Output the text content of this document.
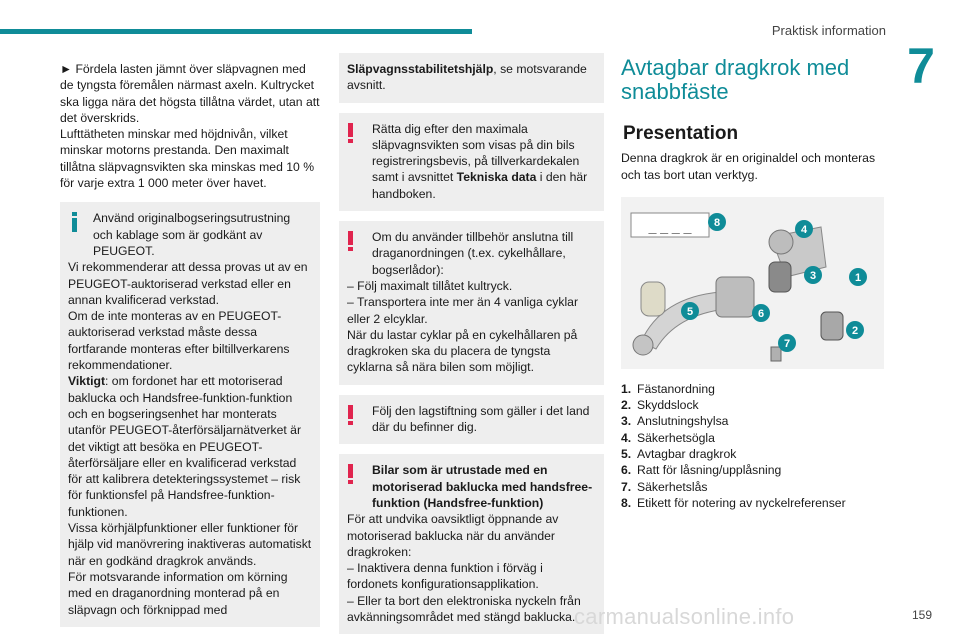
Praktisk information
7

► Fördela lasten jämnt över släpvagnen med de tyngsta föremålen närmast axeln. Kultrycket ska ligga nära det högsta tillåtna värdet, utan att det överskrids.

Lufttätheten minskar med höjdnivån, vilket minskar motorns prestanda. Den maximalt tillåtna släpvagnsvikten ska minskas med 10 % för varje extra 1 000 meter över havet.

Använd originalbogseringsutrustning och kablage som är godkänt av PEUGEOT.
Vi rekommenderar att dessa provas ut av en PEUGEOT-auktoriserad verkstad eller en annan kvalificerad verkstad.
Om de inte monteras av en PEUGEOT-auktoriserad verkstad måste dessa fortfarande monteras efter biltillverkarens rekommendationer.
Viktigt: om fordonet har ett motoriserad baklucka och Handsfree-funktion-funktion och en bogseringsenhet har monterats utanför PEUGEOT-återförsäljarnätverket är det viktigt att besöka en PEUGEOT-återförsäljare eller en kvalificerad verkstad för att kalibrera detekteringssystemet – risk för funktionsfel på Handsfree-funktion-funktionen.
Vissa körhjälpfunktioner eller funktioner för hjälp vid manövrering inaktiveras automatiskt när en godkänd dragkrok används.
För motsvarande information om körning med en draganordning monterad på en släpvagn och förknippad med
Släpvagnsstabilitetshjälp, se motsvarande avsnitt.
Rätta dig efter den maximala släpvagnsvikten som visas på din bils registreringsbevis, på tillverkardekalen samt i avsnittet Tekniska data i den här handboken.
Om du använder tillbehör anslutna till draganordningen (t.ex. cykelhållare, bogserlådor):
– Följ maximalt tillåtet kultryck.
– Transportera inte mer än 4 vanliga cyklar eller 2 elcyklar.
När du lastar cyklar på en cykelhållaren på dragkroken ska du placera de tyngsta cyklarna så nära bilen som möjligt.
Följ den lagstiftning som gäller i det land där du befinner dig.
Bilar som är utrustade med en motoriserad baklucka med handsfree-funktion (Handsfree-funktion)
För att undvika oavsiktligt öppnande av motoriserad baklucka när du använder dragkroken:
– Inaktivera denna funktion i förväg i fordonets konfigurationsapplikation.
– Eller ta bort den elektroniska nyckeln från avkänningsområdet med stängd baklucka.
Avtagbar dragkrok med snabbfäste
Presentation
Denna dragkrok är en originaldel och monteras och tas bort utan verktyg.
_ _ _ _
1
2
3
4
5	6
7
8
1. Fästanordning
2. Skyddslock
3. Anslutningshylsa
4. Säkerhetsögla
5. Avtagbar dragkrok
6. Ratt för låsning/upplåsning
7. Säkerhetslås
8. Etikett för notering av nyckelreferenser
carmanualsonline.info	159
